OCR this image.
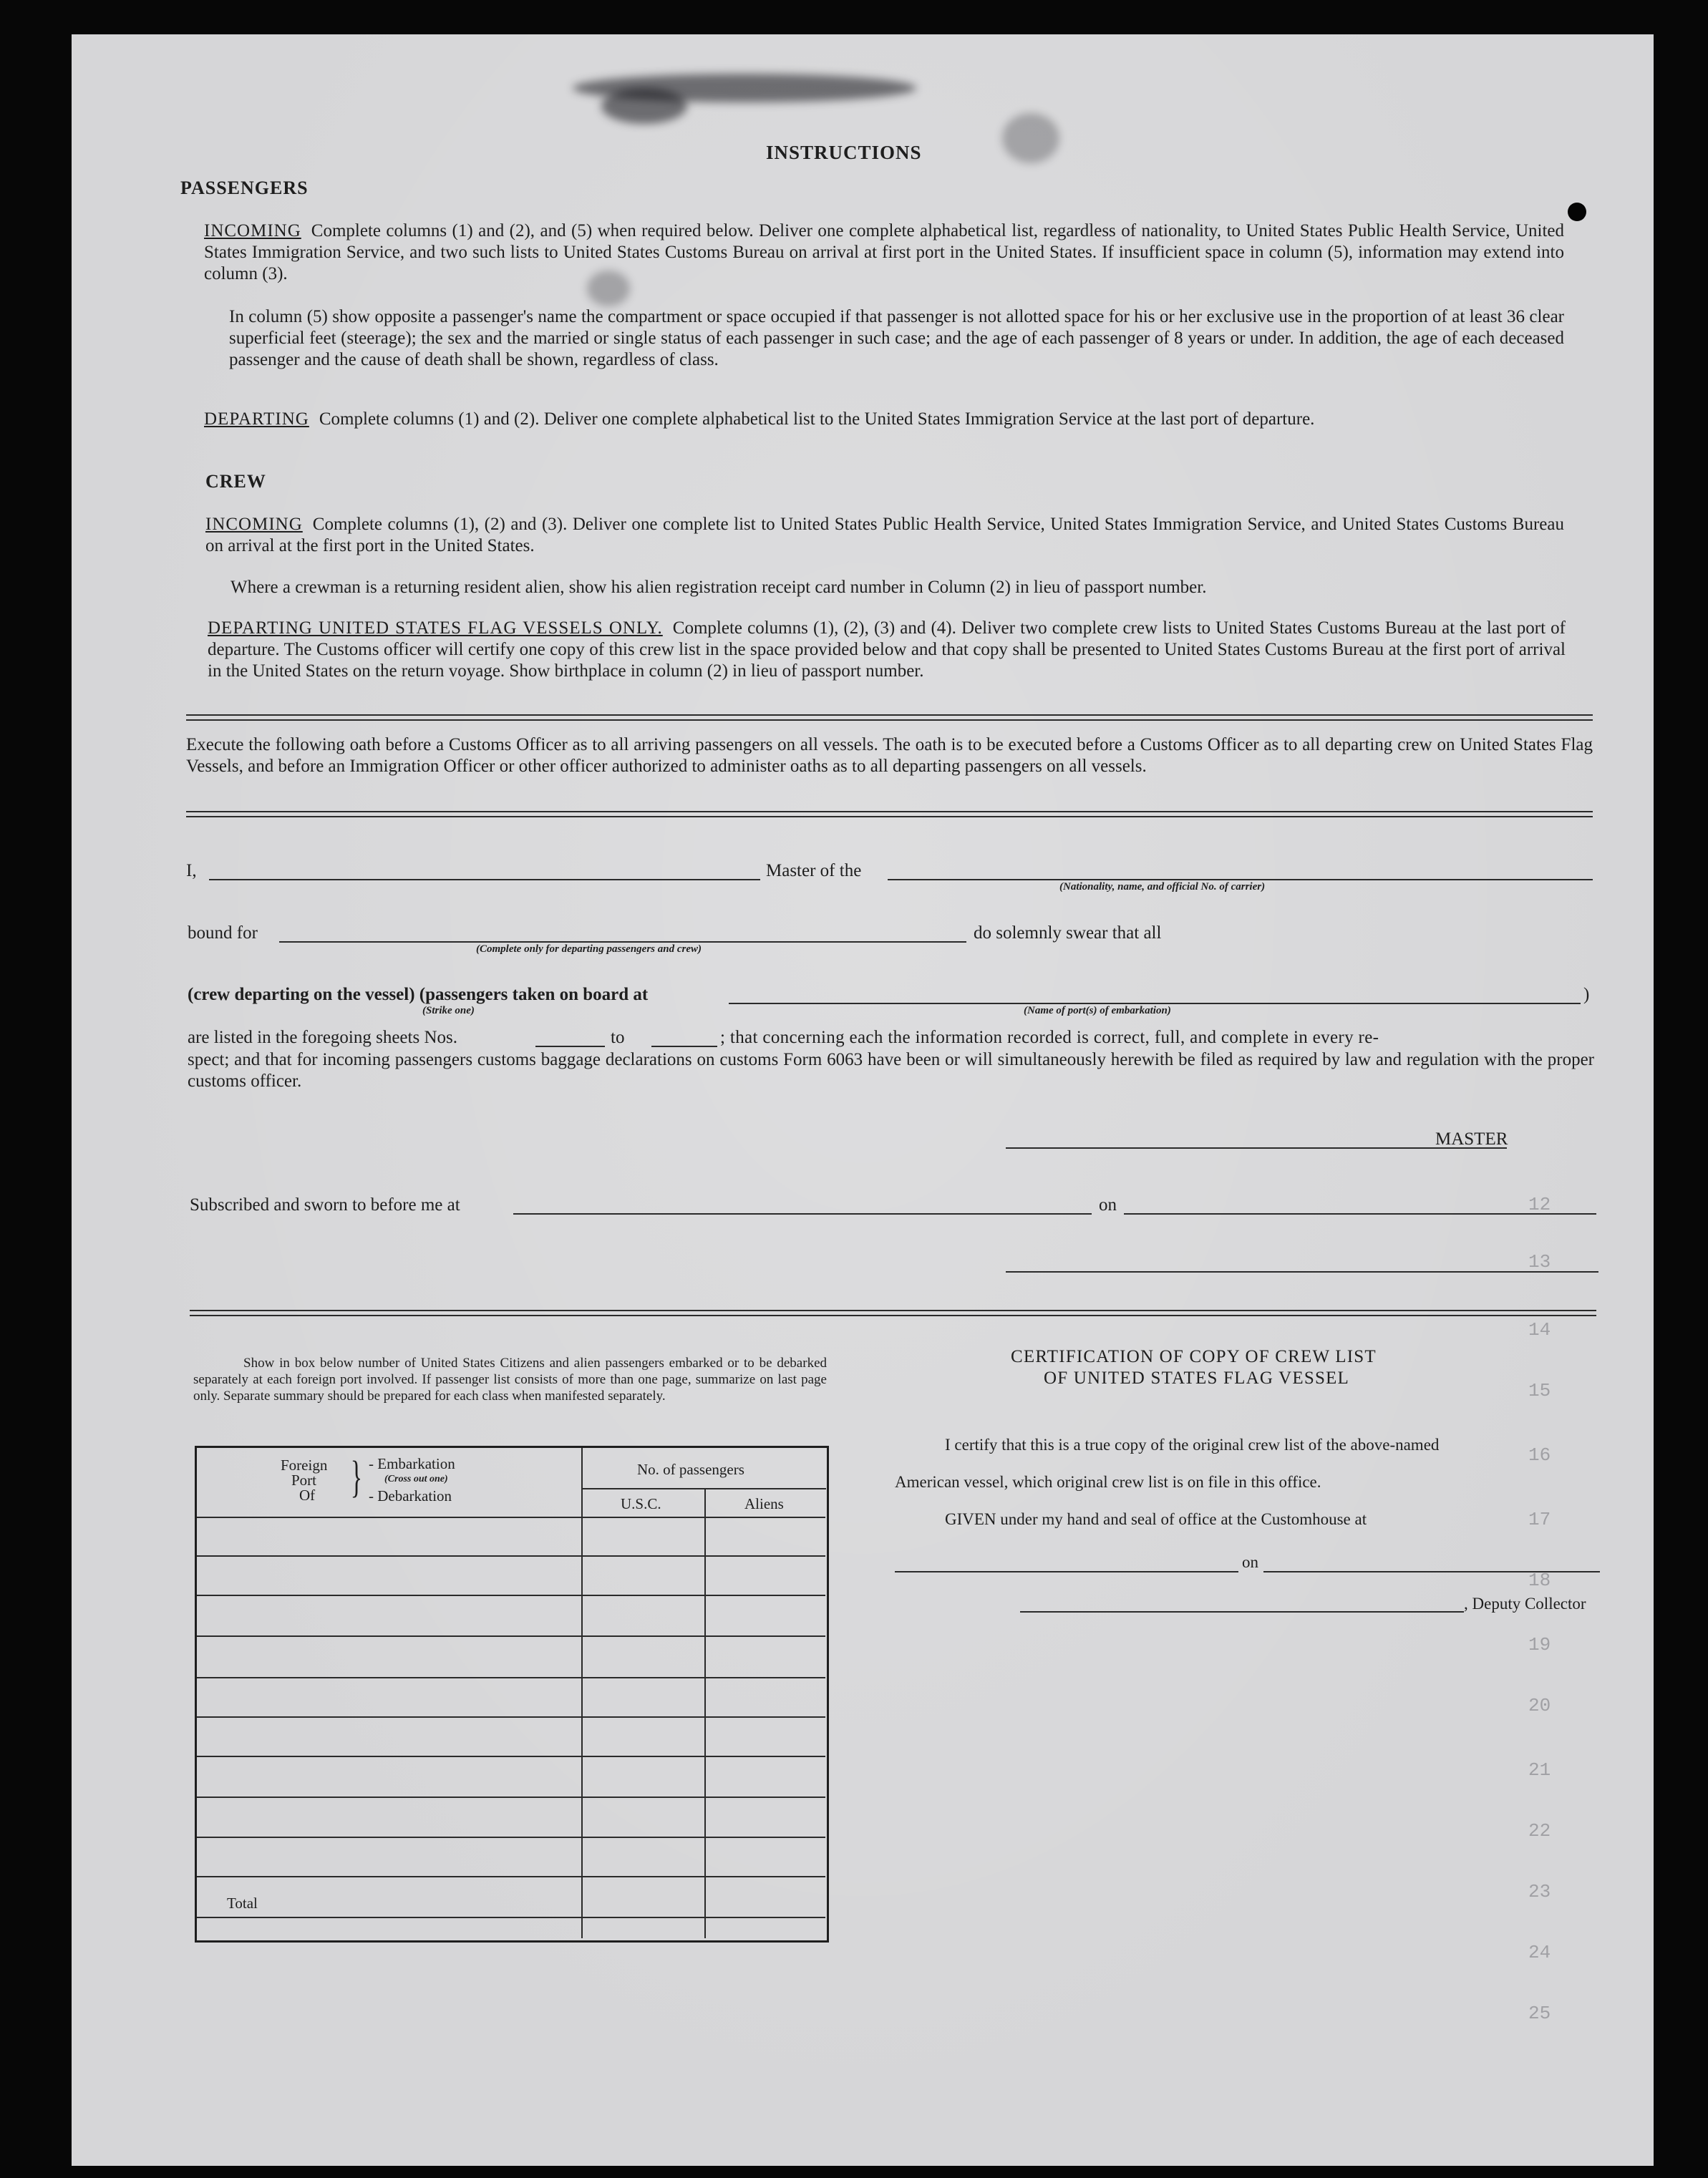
INSTRUCTIONS
PASSENGERS
INCOMING Complete columns (1) and (2), and (5) when required below. Deliver one complete alphabetical list, regardless of nationality, to United States Public Health Service, United States Immigration Service, and two such lists to United States Customs Bureau on arrival at first port in the United States. If insufficient space in column (5), information may extend into column (3).
In column (5) show opposite a passenger's name the compartment or space occupied if that passenger is not allotted space for his or her exclusive use in the proportion of at least 36 clear superficial feet (steerage); the sex and the married or single status of each passenger in such case; and the age of each passenger of 8 years or under. In addition, the age of each deceased passenger and the cause of death shall be shown, regardless of class.
DEPARTING Complete columns (1) and (2). Deliver one complete alphabetical list to the United States Immigration Service at the last port of departure.
CREW
INCOMING Complete columns (1), (2) and (3). Deliver one complete list to United States Public Health Service, United States Immigration Service, and United States Customs Bureau on arrival at the first port in the United States.
Where a crewman is a returning resident alien, show his alien registration receipt card number in Column (2) in lieu of passport number.
DEPARTING UNITED STATES FLAG VESSELS ONLY. Complete columns (1), (2), (3) and (4). Deliver two complete crew lists to United States Customs Bureau at the last port of departure. The Customs officer will certify one copy of this crew list in the space provided below and that copy shall be presented to United States Customs Bureau at the first port of arrival in the United States on the return voyage. Show birthplace in column (2) in lieu of passport number.
Execute the following oath before a Customs Officer as to all arriving passengers on all vessels. The oath is to be executed before a Customs Officer as to all departing crew on United States Flag Vessels, and before an Immigration Officer or other officer authorized to administer oaths as to all departing passengers on all vessels.
I,	Master of the
(Nationality, name, and official No. of carrier)
bound for	do solemnly swear that all
(Complete only for departing passengers and crew)
(crew departing on the vessel) (passengers taken on board at	)
(Strike one)	(Name of port(s) of embarkation)
are listed in the foregoing sheets Nos.	to	; that concerning each the information recorded is correct, full, and complete in every re-
spect; and that for incoming passengers customs baggage declarations on customs Form 6063 have been or will simultaneously herewith be filed as required by law and regulation with the proper customs officer.
MASTER
Subscribed and sworn to before me at	on
Show in box below number of United States Citizens and alien passengers embarked or to be debarked separately at each foreign port involved. If passenger list consists of more than one page, summarize on last page only. Separate summary should be prepared for each class when manifested separately.
Foreign
Port
Of } - Embarkation
(Cross out one)
- Debarkation
No. of passengers
U.S.C.	Aliens
Total
CERTIFICATION OF COPY OF CREW LIST
OF UNITED STATES FLAG VESSEL
I certify that this is a true copy of the original crew list of the above-named
American vessel, which original crew list is on file in this office.
GIVEN under my hand and seal of office at the Customhouse at
on
, Deputy Collector
12
13
14
15
16
17
18
19
20
21
22
23
24
25
